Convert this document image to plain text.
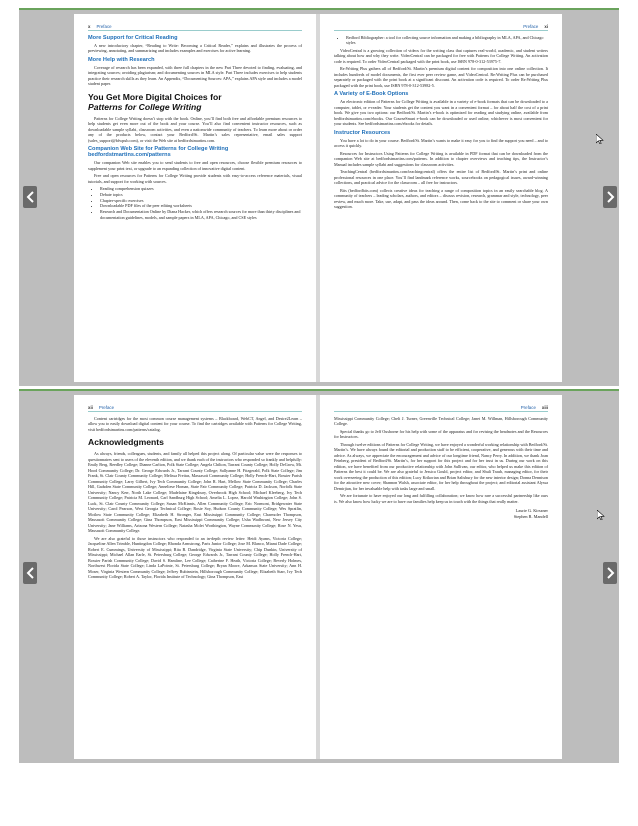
x Preface
More Support for Critical Reading

A new introductory chapter, “Reading to Write: Becoming a Critical Reader,” explains and illustrates the process of previewing, annotating, and summarizing and includes examples and exercises for active learning.

More Help with Research

Coverage of research has been expanded, with three full chapters in the new Part Three devoted to finding, evaluating, and integrating sources; avoiding plagiarism; and documenting sources in MLA style. Part Three includes exercises to help students practice their research skills as they learn. An Appendix, “Documenting Sources: APA,” explains APA style and includes a model student paper.

You Get More Digital Choices for
Patterns for College Writing

Patterns for College Writing doesn’t stop with the book. Online, you’ll find both free and affordable premium resources to help students get even more out of the book and your course. You’ll also find convenient instructor resources, such as downloadable sample syllabi, classroom activities, and even a nationwide community of teachers. To learn more about or order any of the products below, contact your Bedford/St. Martin’s sales representative, email sales support (sales_support@bfwpub.com), or visit the Web site at bedfordstmartins.com.

Companion Web Site for Patterns for College Writing
bedfordstmartins.com/patterns

Our companion Web site enables you to send students to free and open resources, choose flexible premium resources to supplement your print text, or upgrade to an expanding collection of innovative digital content.

Free and open resources for Patterns for College Writing provide students with easy-to-access reference materials, visual tutorials, and support for working with sources.

• Reading comprehension quizzes
• Debate topics
• Chapter-specific exercises
• Downloadable PDF files of the peer editing worksheets
• Research and Documentation Online by Diana Hacker, which offers research sources for more than thirty disciplines and documentation guidelines, models, and sample papers in MLA, APA, Chicago, and CSE styles
Preface xi
• Bedford Bibliographer: a tool for collecting source information and making a bibliography in MLA, APA, and Chicago styles

VideoCentral is a growing collection of videos for the writing class that captures real-world, academic, and student writers talking about how and why they write. VideoCentral can be packaged for free with Patterns for College Writing. An activation code is required. To order VideoCentral packaged with the print book, use ISBN 978-0-312-53975-7.

Re:Writing Plus gathers all of Bedford/St. Martin’s premium digital content for composition into one online collection. It includes hundreds of model documents, the first ever peer review game, and VideoCentral. Re:Writing Plus can be purchased separately or packaged with the print book at a significant discount. An activation code is required. To order Re:Writing Plus packaged with the print book, use ISBN 978-0-312-53982-5.

A Variety of E-Book Options

An electronic edition of Patterns for College Writing is available in a variety of e-book formats that can be downloaded to a computer, tablet, or e-reader. Your students get the content you want in a convenient format – for about half the cost of a print book. We give you two options: our Bedford/St. Martin’s e-book is optimized for reading and studying online, available from bedfordstmartins.com/ebooks. Our CourseSmart e-book can be downloaded or used online, whichever is most convenient for your students. See bedfordstmartins.com/ebooks for details.

Instructor Resources

You have a lot to do in your course. Bedford/St. Martin’s wants to make it easy for you to find the support you need – and to access it quickly.

Resources for Instructors Using Patterns for College Writing is available in PDF format that can be downloaded from the companion Web site at bedfordstmartins.com/patterns. In addition to chapter overviews and teaching tips, the Instructor’s Manual includes sample syllabi and suggestions for classroom activities.

TeachingCentral (bedfordstmartins.com/teachingcentral) offers the entire list of Bedford/St. Martin’s print and online professional resources in one place. You’ll find landmark reference works, sourcebooks on pedagogical issues, award-winning collections, and practical advice for the classroom – all free for instructors.

Bits (bedfordbits.com) collects creative ideas for teaching a range of composition topics in an easily searchable blog. A community of teachers – leading scholars, authors, and editors – discuss revision, research, grammar and style, technology, peer review, and much more. Take, use, adapt, and pass the ideas around. Then, come back to the site to comment or share your own suggestion.

xii Preface

Content cartridges for the most common course management systems – Blackboard, WebCT, Angel, and Desire2Learn – allow you to easily download digital content for your course. To find the cartridges available with Patterns for College Writing, visit bedfordstmartins.com/patterns/catalog.

Acknowledgments

As always, friends, colleagues, students, and family all helped this project along. Of particular value were the responses to questionnaires sent to users of the eleventh edition, and we thank each of the instructors who responded so frankly and helpfully: Emily Berg, Reedley College; Dianne Carlton, Polk State College; Angela Chilton, Tarrant County College; Holly DeGrow, Mt. Hood Community College; Dr. George Edwards Jr., Tarrant County College; Sallyanne H. Fitzgerald, Polk State College; Jim Frank, St. Clair County Community College; Melissa Freitas, Massasoit Community College; Holly French-Hart, Bossier Parish Community College; Larry Gilbert, Ivy Tech Community College; John R. Hart, Mellow State Community College; Charles Hill, Gadsden State Community College; Anneliese Homan, State Fair Community College; Patricia D. Jackson, Norfolk State University; Nancy Kerr, North Lake College; Madelaine Kingsbury, Overbrook High School; Michael Kleeberg, Ivy Tech Community College; Patricia M. Leonard, Carl Sandburg High School; Amelia L. Lopez, Harold Washington College; John S. Luck, St. Clair County Community College; Susan McKinnis, Allen Community College; Eric Normont, Bridgewater State University; Carol Pearson, West Georgia Technical College; Rosie Soy, Hudson County Community College; Wes Spratlin, Motlow State Community College; Elizabeth H. Stronger, East Mississippi Community College; Charmoler Thompson, Massasoit Community College; Gina Thompson, East Mississippi Community College; Usha Wadhwani, New Jersey City University; Jane Williams, Arizona Western College; Natasha Molet Worthington, Wayne Community College; Rose N. Yesu, Massasoit Community College.

We are also grateful to those instructors who responded to an in-depth review letter: Heidi Ayams, Victoria College; Jacqueline Allen Trimble, Huntingdon College; Rhonda Armstrong, Paris Junior College; Jose M. Blanco, Miami Dade College; Robert E. Cummings, University of Mississippi; Rita B. Dandridge, Virginia State University; Chip Dunkin, University of Mississippi; Michael Allan Earle, St. Petersburg College; George Edwards Jr., Tarrant County College; Holly French-Hart, Bossier Parish Community College; David S. Hamline, Lee College; Catherine F. Heath, Victoria College; Beverly Holmes, Northwest Florida State College; Linda LaPointe, St. Petersburg College; Bryan Moore, Arkansas State University; Ann H. Moser, Virginia Western Community College; Jeffrey Rubinstein, Hillsborough Community College; Elizabeth Starr, Ivy Tech Community College; Robert A. Taylor, Florida Institute of Technology; Gina Thompson, East

Preface xiii

Mississippi Community College; Cheli J. Turner, Greenville Technical College; Janet M. Willman, Hillsborough Community College.

Special thanks go to Jeff Ousborne for his help with some of the apparatus and for revising the headnotes and the Resources for Instructors.

Through twelve editions of Patterns for College Writing, we have enjoyed a wonderful working relationship with Bedford/St. Martin’s. We have always found the editorial and production staff to be efficient, cooperative, and generous with their time and advice. As always, we appreciate the encouragement and advice of our longtime friend, Nancy Perry. In addition, we thank Joan Feinberg, president of Bedford/St. Martin’s, for her support for this project and for her trust in us. During our work on this edition, we have benefited from our productive relationship with John Sullivan, our editor, who helped us make this edition of Patterns the best it could be. We are also grateful to Jessica Gould, project editor, and Shuli Traub, managing editor, for their work overseeing the production of this edition; Lucy Krikorian and Brian Salisbury for the new interior design; Donna Dennison for the attractive new cover; Shannon Walsh, associate editor, for her help throughout the project; and editorial assistant Alyssa Demirjian, for her invaluable help with tasks large and small.

We are fortunate to have enjoyed our long and fulfilling collaboration; we know how rare a successful partnership like ours is. We also know how lucky we are to have our families help keep us in touch with the things that really matter.

Laurie G. Kirszner
Stephen R. Mandell
